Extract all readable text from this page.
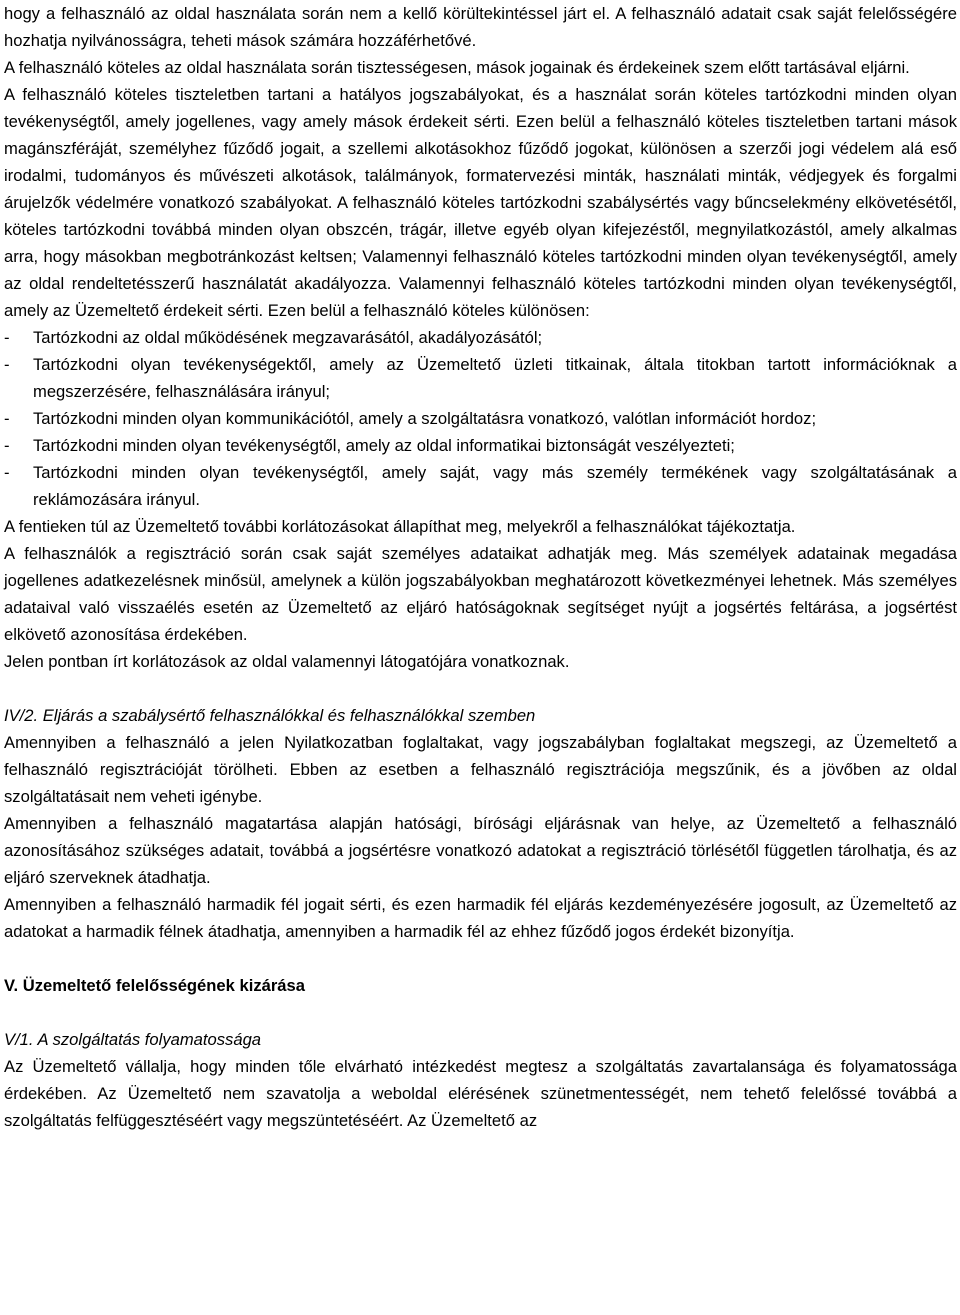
hogy a felhasználó az oldal használata során nem a kellő körültekintéssel járt el. A felhasználó adatait csak saját felelősségére hozhatja nyilvánosságra, teheti mások számára hozzáférhetővé.

A felhasználó köteles az oldal használata során tisztességesen, mások jogainak és érdekeinek szem előtt tartásával eljárni.

A felhasználó köteles tiszteletben tartani a hatályos jogszabályokat, és a használat során köteles tartózkodni minden olyan tevékenységtől, amely jogellenes, vagy amely mások érdekeit sérti. Ezen belül a felhasználó köteles tiszteletben tartani mások magánszféráját, személyhez fűződő jogait, a szellemi alkotásokhoz fűződő jogokat, különösen a szerzői jogi védelem alá eső irodalmi, tudományos és művészeti alkotások, találmányok, formatervezési minták, használati minták, védjegyek és forgalmi árujelzők védelmére vonatkozó szabályokat. A felhasználó köteles tartózkodni szabálysértés vagy bűncselekmény elkövetésétől, köteles tartózkodni továbbá minden olyan obszcén, trágár, illetve egyéb olyan kifejezéstől, megnyilatkozástól, amely alkalmas arra, hogy másokban megbotránkozást keltsen; Valamennyi felhasználó köteles tartózkodni minden olyan tevékenységtől, amely az oldal rendeltetésszerű használatát akadályozza. Valamennyi felhasználó köteles tartózkodni minden olyan tevékenységtől, amely az Üzemeltető érdekeit sérti. Ezen belül a felhasználó köteles különösen:

-	Tartózkodni az oldal működésének megzavarásától, akadályozásától;
-	Tartózkodni olyan tevékenységektől, amely az Üzemeltető üzleti titkainak, általa titokban tartott információknak a megszerzésére, felhasználására irányul;
-	Tartózkodni minden olyan kommunikációtól, amely a szolgáltatásra vonatkozó, valótlan információt hordoz;
-	Tartózkodni minden olyan tevékenységtől, amely az oldal informatikai biztonságát veszélyezteti;
-	Tartózkodni minden olyan tevékenységtől, amely saját, vagy más személy termékének vagy szolgáltatásának a reklámozására irányul.

A fentieken túl az Üzemeltető további korlátozásokat állapíthat meg, melyekről a felhasználókat tájékoztatja.

A felhasználók a regisztráció során csak saját személyes adataikat adhatják meg. Más személyek adatainak megadása jogellenes adatkezelésnek minősül, amelynek a külön jogszabályokban meghatározott következményei lehetnek. Más személyes adataival való visszaélés esetén az Üzemeltető az eljáró hatóságoknak segítséget nyújt a jogsértés feltárása, a jogsértést elkövető azonosítása érdekében.

Jelen pontban írt korlátozások az oldal valamennyi látogatójára vonatkoznak.

IV/2. Eljárás a szabálysértő felhasználókkal és felhasználókkal szemben

Amennyiben a felhasználó a jelen Nyilatkozatban foglaltakat, vagy jogszabályban foglaltakat megszegi, az Üzemeltető a felhasználó regisztrációját törölheti. Ebben az esetben a felhasználó regisztrációja megszűnik, és a jövőben az oldal szolgáltatásait nem veheti igénybe.

Amennyiben a felhasználó magatartása alapján hatósági, bírósági eljárásnak van helye, az Üzemeltető a felhasználó azonosításához szükséges adatait, továbbá a jogsértésre vonatkozó adatokat a regisztráció törlésétől független tárolhatja, és az eljáró szerveknek átadhatja.

Amennyiben a felhasználó harmadik fél jogait sérti, és ezen harmadik fél eljárás kezdeményezésére jogosult, az Üzemeltető az adatokat a harmadik félnek átadhatja, amennyiben a harmadik fél az ehhez fűződő jogos érdekét bizonyítja.

V. Üzemeltető felelősségének kizárása

V/1. A szolgáltatás folyamatossága

Az Üzemeltető vállalja, hogy minden tőle elvárható intézkedést megtesz a szolgáltatás zavartalansága és folyamatossága érdekében. Az Üzemeltető nem szavatolja a weboldal elérésének szünetmentességét, nem tehető felelőssé továbbá a szolgáltatás felfüggesztéséért vagy megszüntetéséért. Az Üzemeltető az
